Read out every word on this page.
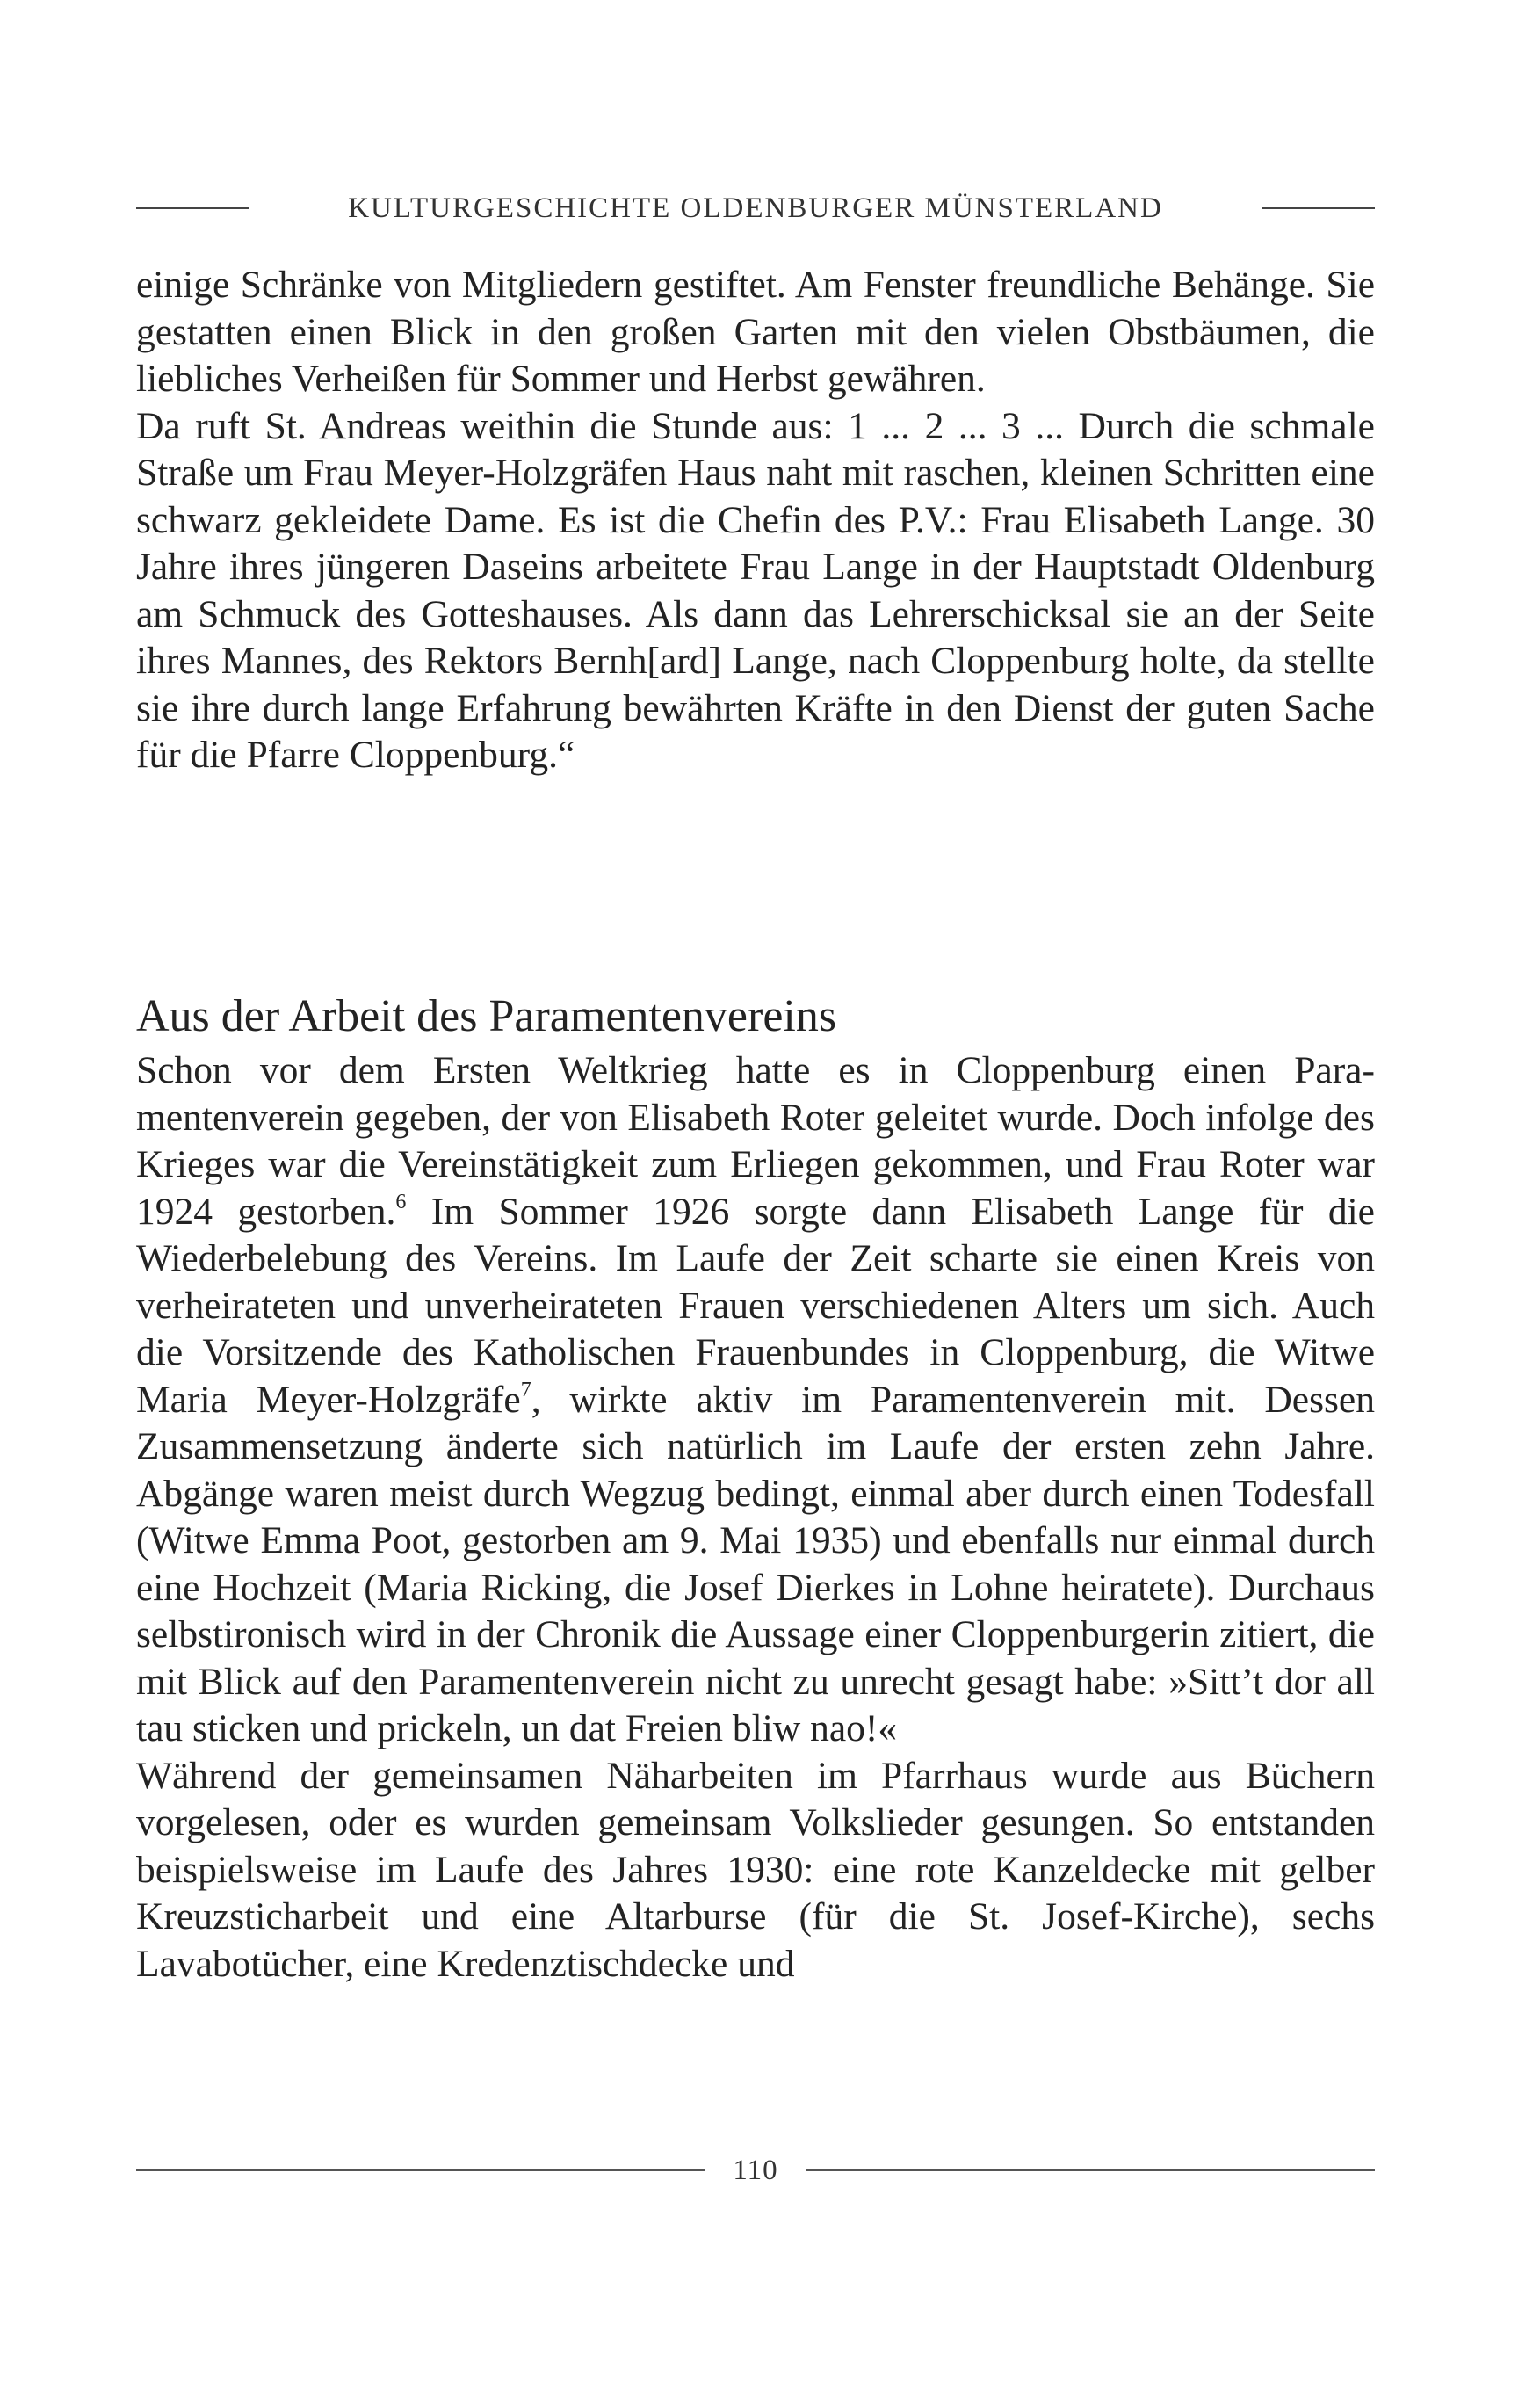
KULTURGESCHICHTE OLDENBURGER MÜNSTERLAND

einige Schränke von Mitgliedern gestiftet. Am Fenster freundliche Behänge. Sie gestatten einen Blick in den großen Garten mit den vielen Obstbäumen, die liebliches Verheißen für Sommer und Herbst gewähren.

Da ruft St. Andreas weithin die Stunde aus: 1 ... 2 ... 3 ... Durch die schmale Straße um Frau Meyer-Holzgräfen Haus naht mit raschen, kleinen Schritten eine schwarz gekleidete Dame. Es ist die Chefin des P.V.: Frau Elisabeth Lange. 30 Jahre ihres jüngeren Daseins arbeitete Frau Lange in der Hauptstadt Oldenburg am Schmuck des Gotteshauses. Als dann das Lehrerschicksal sie an der Seite ihres Mannes, des Rektors Bernh[ard] Lange, nach Cloppenburg holte, da stellte sie ihre durch lange Erfahrung bewährten Kräfte in den Dienst der guten Sache für die Pfarre Cloppenburg.“

Aus der Arbeit des Paramentenvereins

Schon vor dem Ersten Weltkrieg hatte es in Cloppenburg einen Paramentenverein gegeben, der von Elisabeth Roter geleitet wurde. Doch infolge des Krieges war die Vereinstätigkeit zum Erliegen gekommen, und Frau Roter war 1924 gestorben.$^6$ Im Sommer 1926 sorgte dann Elisabeth Lange für die Wiederbelebung des Vereins. Im Laufe der Zeit scharte sie einen Kreis von verheirateten und unverheirateten Frauen verschiedenen Alters um sich. Auch die Vorsitzende des Katholischen Frauenbundes in Cloppenburg, die Witwe Maria Meyer-Holzgräfe$^7$, wirkte aktiv im Paramentenverein mit. Dessen Zusammensetzung änderte sich natürlich im Laufe der ersten zehn Jahre. Abgänge waren meist durch Wegzug bedingt, einmal aber durch einen Todesfall (Witwe Emma Poot, gestorben am 9. Mai 1935) und ebenfalls nur einmal durch eine Hochzeit (Maria Ricking, die Josef Dierkes in Lohne heiratete). Durchaus selbstironisch wird in der Chronik die Aussage einer Cloppenburgerin zitiert, die mit Blick auf den Paramentenverein nicht zu unrecht gesagt habe: »Sitt’t dor all tau sticken und prickeln, un dat Freien bliw nao!«

Während der gemeinsamen Näharbeiten im Pfarrhaus wurde aus Büchern vorgelesen, oder es wurden gemeinsam Volkslieder gesungen. So entstanden beispielsweise im Laufe des Jahres 1930: eine rote Kanzeldecke mit gelber Kreuzsticharbeit und eine Altarburse (für die St. Josef-Kirche), sechs Lavabotücher, eine Kredenztischdecke und

110
